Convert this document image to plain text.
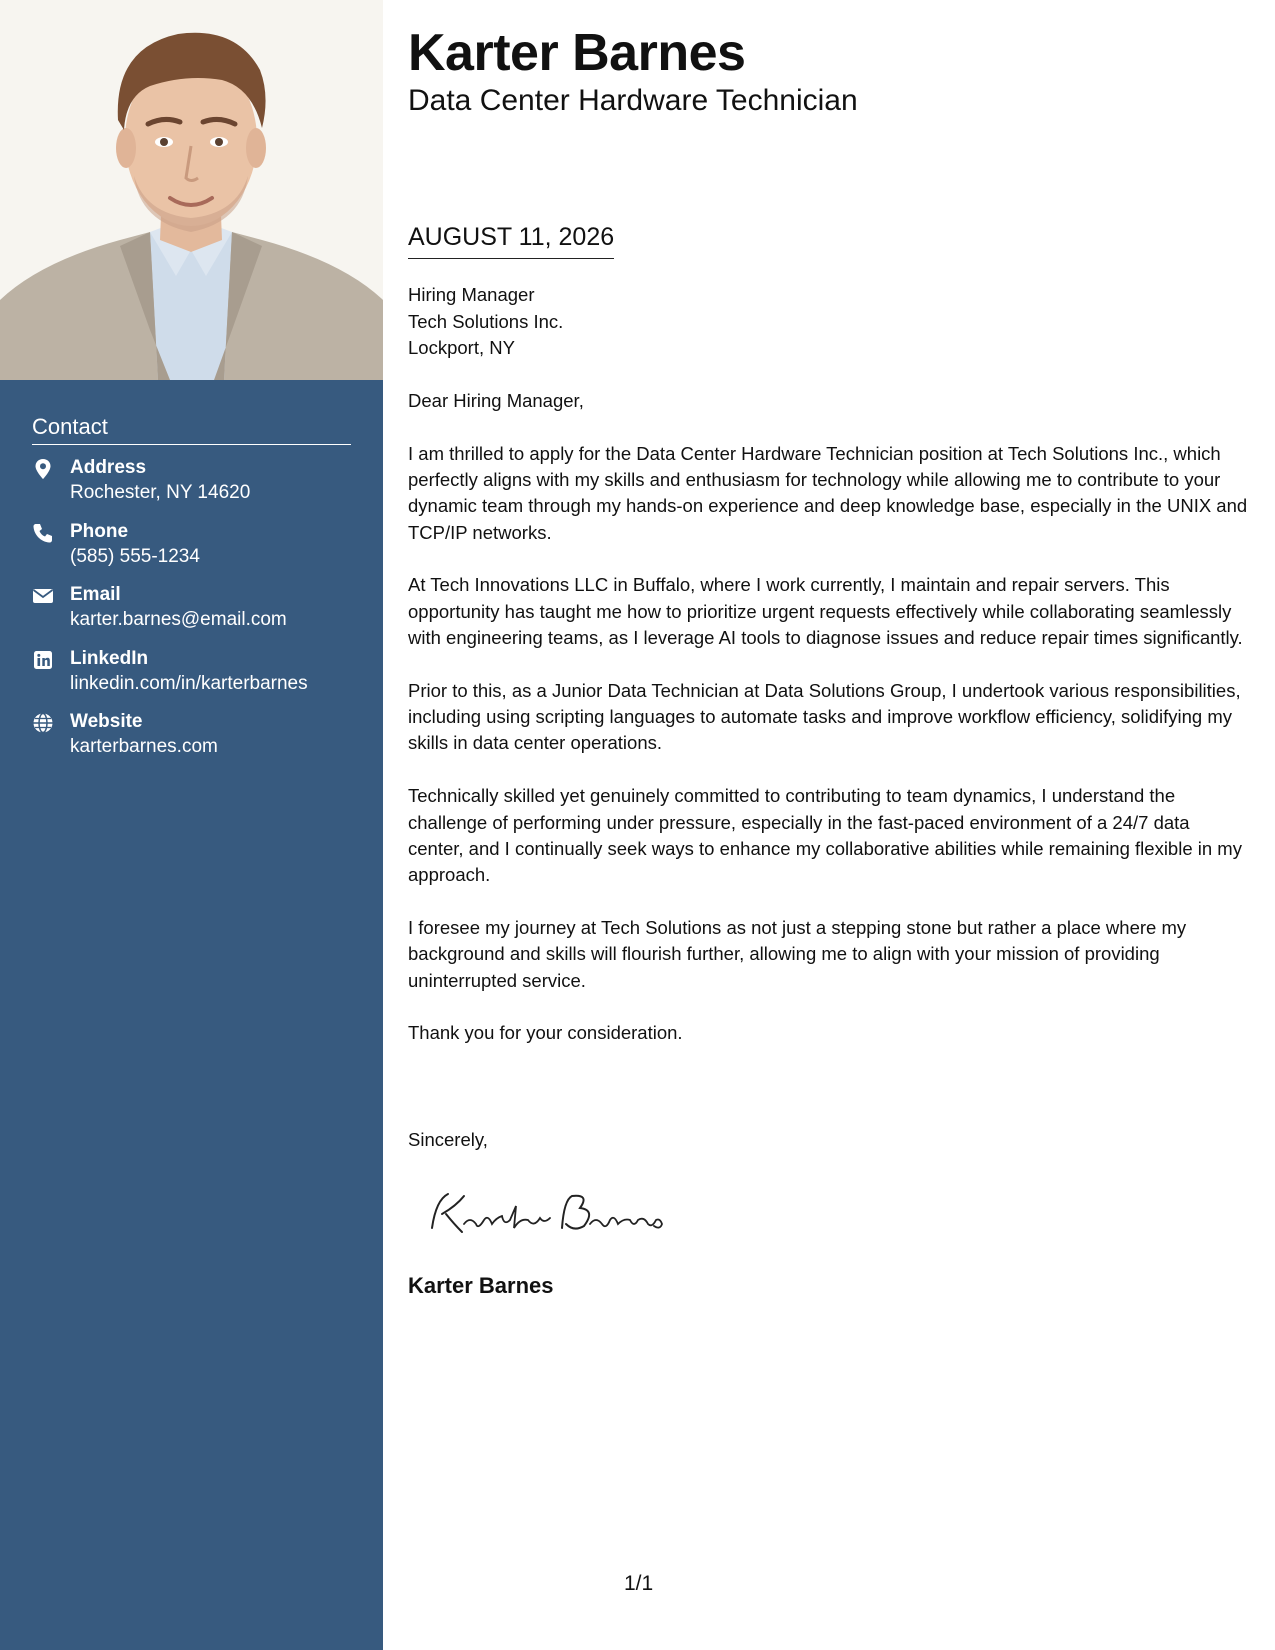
Contact
Address
Rochester, NY 14620
Phone
(585) 555-1234
Email
karter.barnes@email.com
LinkedIn
linkedin.com/in/karterbarnes
Website
karterbarnes.com
Karter Barnes
Data Center Hardware Technician
AUGUST 11, 2026
Hiring Manager
Tech Solutions Inc.
Lockport, NY

Dear Hiring Manager,

I am thrilled to apply for the Data Center Hardware Technician position at Tech Solutions Inc., which perfectly aligns with my skills and enthusiasm for technology while allowing me to contribute to your dynamic team through my hands-on experience and deep knowledge base, especially in the UNIX and TCP/IP networks.

At Tech Innovations LLC in Buffalo, where I work currently, I maintain and repair servers. This opportunity has taught me how to prioritize urgent requests effectively while collaborating seamlessly with engineering teams, as I leverage AI tools to diagnose issues and reduce repair times significantly.

Prior to this, as a Junior Data Technician at Data Solutions Group, I undertook various responsibilities, including using scripting languages to automate tasks and improve workflow efficiency, solidifying my skills in data center operations.

Technically skilled yet genuinely committed to contributing to team dynamics, I understand the challenge of performing under pressure, especially in the fast-paced environment of a 24/7 data center, and I continually seek ways to enhance my collaborative abilities while remaining flexible in my approach.

I foresee my journey at Tech Solutions as not just a stepping stone but rather a place where my background and skills will flourish further, allowing me to align with your mission of providing uninterrupted service.

Thank you for your consideration.

Sincerely,
Karter Barnes
1/1
